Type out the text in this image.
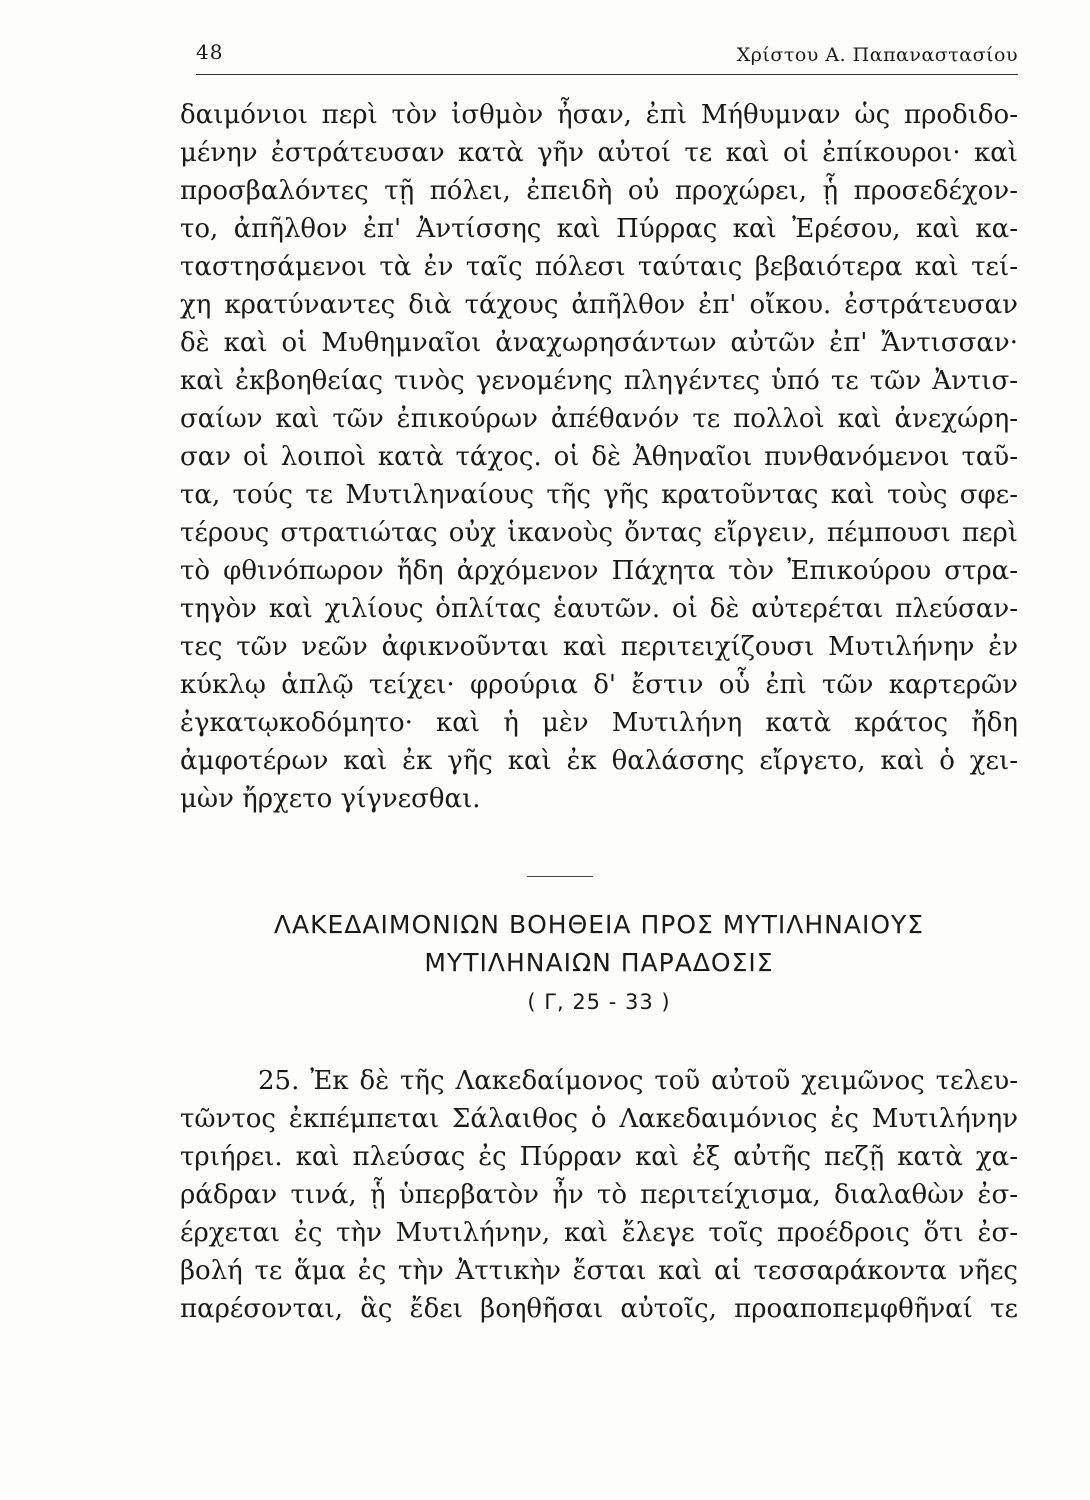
48	Χρίστου Α. Παπαναστασίου
δαιμόνιοι περὶ τὸν ἰσθμὸν ἦσαν, ἐπὶ Μήθυμναν ὡς προδιδο-
μένην ἐστράτευσαν κατὰ γῆν αὐτοί τε καὶ οἱ ἐπίκουροι· καὶ
προσβαλόντες τῇ πόλει, ἐπειδὴ οὐ προχώρει, ᾗ προσεδέχον-
το, ἀπῆλθον ἐπ' Ἀντίσσης καὶ Πύρρας καὶ Ἐρέσου, καὶ κα-
ταστησάμενοι τὰ ἐν ταῖς πόλεσι ταύταις βεβαιότερα καὶ τεί-
χη κρατύναντες διὰ τάχους ἀπῆλθον ἐπ' οἴκου. ἐστράτευσαν
δὲ καὶ οἱ Μυθημναῖοι ἀναχωρησάντων αὐτῶν ἐπ' Ἄντισσαν·
καὶ ἐκβοηθείας τινὸς γενομένης πληγέντες ὑπό τε τῶν Ἀντισ-
σαίων καὶ τῶν ἐπικούρων ἀπέθανόν τε πολλοὶ καὶ ἀνεχώρη-
σαν οἱ λοιποὶ κατὰ τάχος. οἱ δὲ Ἀθηναῖοι πυνθανόμενοι ταῦ-
τα, τούς τε Μυτιληναίους τῆς γῆς κρατοῦντας καὶ τοὺς σφε-
τέρους στρατιώτας οὐχ ἱκανοὺς ὄντας εἴργειν, πέμπουσι περὶ
τὸ φθινόπωρον ἤδη ἀρχόμενον Πάχητα τὸν Ἐπικούρου στρα-
τηγὸν καὶ χιλίους ὁπλίτας ἑαυτῶν. οἱ δὲ αὐτερέται πλεύσαν-
τες τῶν νεῶν ἀφικνοῦνται καὶ περιτειχίζουσι Μυτιλήνην ἐν
κύκλῳ ἁπλῷ τείχει· φρούρια δ' ἔστιν οὗ ἐπὶ τῶν καρτερῶν
ἐγκατῳκοδόμητο· καὶ ἡ μὲν Μυτιλήνη κατὰ κράτος ἤδη
ἀμφοτέρων καὶ ἐκ γῆς καὶ ἐκ θαλάσσης εἴργετο, καὶ ὁ χει-
μὼν ἤρχετο γίγνεσθαι.
ΛΑΚΕΔΑΙΜΟΝΙΩΝ ΒΟΗΘΕΙΑ ΠΡΟΣ ΜΥΤΙΛΗΝΑΙΟΥΣ
ΜΥΤΙΛΗΝΑΙΩΝ ΠΑΡΑΔΟΣΙΣ
( Γ, 25 - 33 )
25. Ἐκ δὲ τῆς Λακεδαίμονος τοῦ αὐτοῦ χειμῶνος τελευ-
τῶντος ἐκπέμπεται Σάλαιθος ὁ Λακεδαιμόνιος ἐς Μυτιλήνην
τριήρει. καὶ πλεύσας ἐς Πύρραν καὶ ἐξ αὐτῆς πεζῇ κατὰ χα-
ράδραν τινά, ᾗ ὑπερβατὸν ἦν τὸ περιτείχισμα, διαλαθὼν ἐσ-
έρχεται ἐς τὴν Μυτιλήνην, καὶ ἔλεγε τοῖς προέδροις ὅτι ἐσ-
βολή τε ἅμα ἐς τὴν Ἀττικὴν ἔσται καὶ αἱ τεσσαράκοντα νῆες
παρέσονται, ἃς ἔδει βοηθῆσαι αὐτοῖς, προαποπεμφθῆναί τε
